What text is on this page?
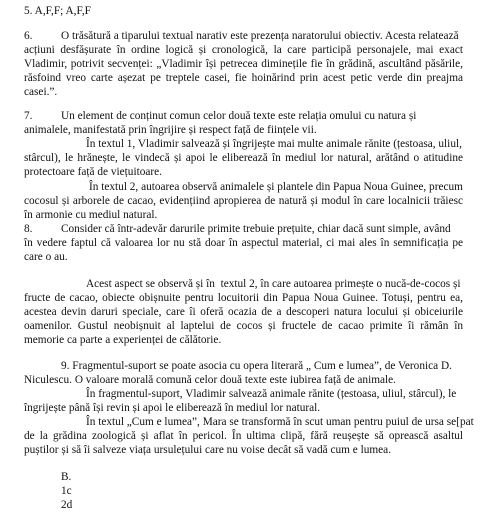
5. A,F,F; A,F,F
6.	O trăsătură a tiparului textual narativ este prezența naratorului obiectiv. Acesta relatează
acțiuni desfășurate în ordine logică și cronologică, la care participă personajele, mai exact
Vladimir, potrivit secvenței: „Vladimir își petrecea diminețile fie în grădină, ascultând păsările,
răsfoind vreo carte așezat pe treptele casei, fie hoinărind prin acest petic verde din preajma
casei.”.
7.	Un element de conținut comun celor două texte este relația omului cu natura și
animalele, manifestată prin îngrijire și respect față de ființele vii.
În textul 1, Vladimir salvează și îngrijește mai multe animale rănite (țestoasa, uliul,
stârcul), le hrănește, le vindecă și apoi le eliberează în mediul lor natural, arătând o atitudine
protectoare față de viețuitoare.
În textul 2, autoarea observă animalele și plantele din Papua Noua Guinee, precum
cocosul și arborele de cacao, evidențiind apropierea de natură și modul în care localnicii trăiesc
în armonie cu mediul natural.
8.	Consider că într-adevăr darurile primite trebuie prețuite, chiar dacă sunt simple, având
în vedere faptul că valoarea lor nu stă doar în aspectul material, ci mai ales în semnificația pe
care o au.
Acest aspect se observă și în  textul 2, în care autoarea primește o nucă-de-cocos și
fructe de cacao, obiecte obișnuite pentru locuitorii din Papua Noua Guinee. Totuși, pentru ea,
acestea devin daruri speciale, care îi oferă ocazia de a descoperi natura locului și obiceiurile
oamenilor. Gustul neobișnuit al laptelui de cocos și fructele de cacao primite îi rămân în
memorie ca parte a experienței de călătorie.
9. Fragmentul-suport se poate asocia cu opera literară „ Cum e lumea”, de Veronica D.
Niculescu. O valoare morală comună celor două texte este iubirea față de animale.
În fragmentul-suport, Vladimir salvează animale rănite (țestoasa, uliul, stârcul), le
îngrijește până își revin și apoi le eliberează în mediul lor natural.
În textul „Cum e lumea”, Mara se transformă în scut uman pentru puiul de ursa se[pat
de la grădina zoologică și aflat în pericol. În ultima clipă, fără reușește să oprească asaltul
puștilor și să îi salveze viața ursulețului care nu voise decât să vadă cum e lumea.
B.
1c
2d
